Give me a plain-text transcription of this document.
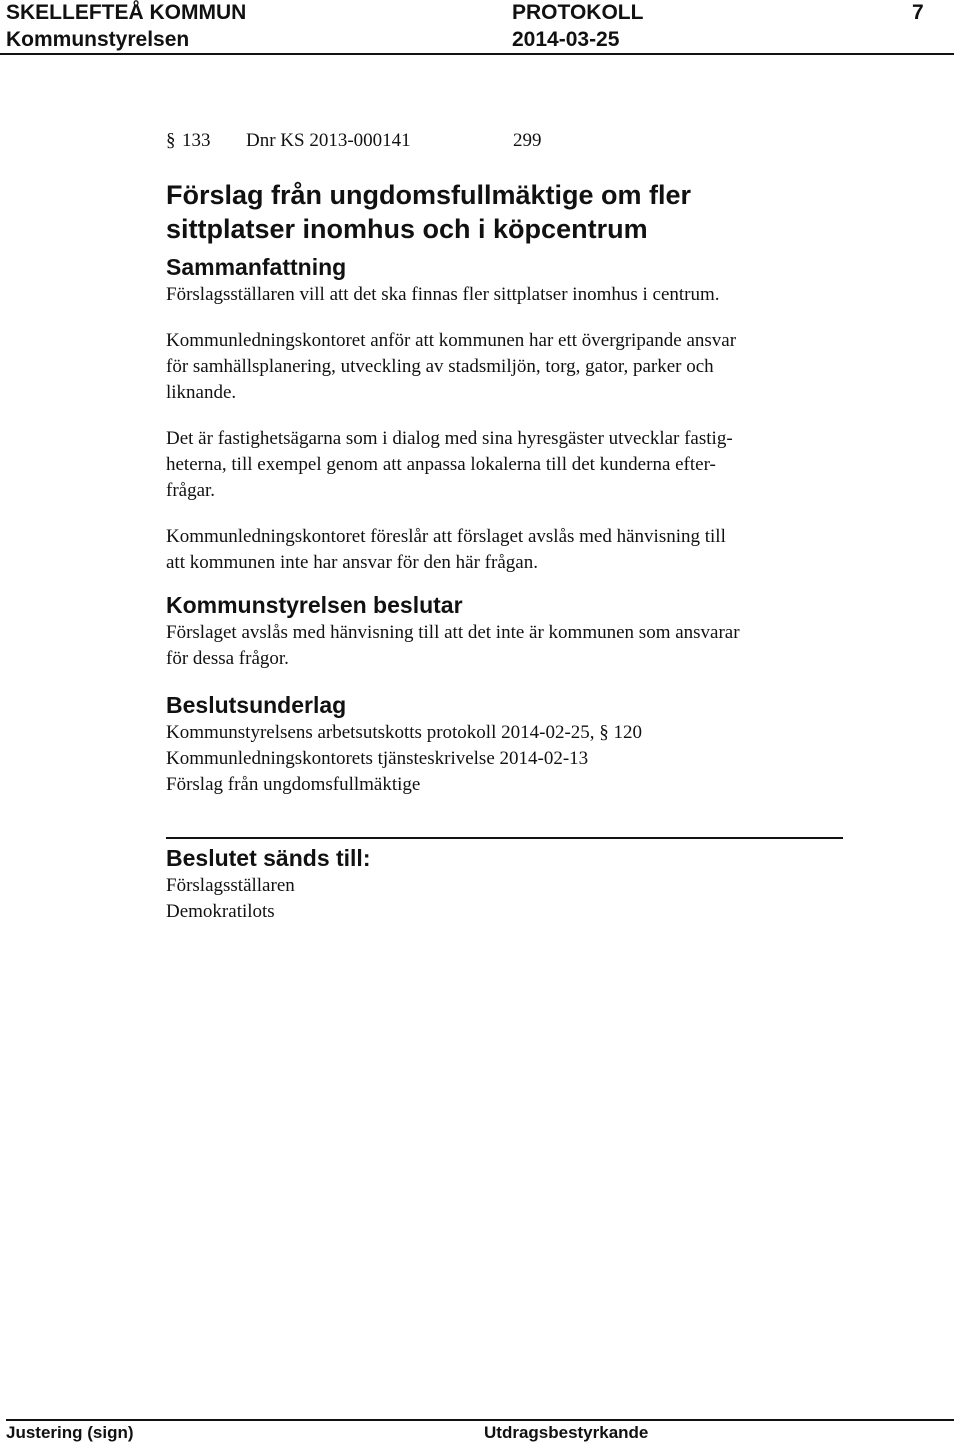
SKELLEFTEÅ KOMMUN	PROTOKOLL	7
Kommunstyrelsen	2014-03-25
§ 133 Dnr KS 2013-000141	299
Förslag från ungdomsfullmäktige om fler
sittplatser inomhus och i köpcentrum
Sammanfattning

Förslagsställaren vill att det ska finnas fler sittplatser inomhus i centrum.

Kommunledningskontoret anför att kommunen har ett övergripande ansvar
för samhällsplanering, utveckling av stadsmiljön, torg, gator, parker och
liknande.
Det är fastighetsägarna som i dialog med sina hyresgäster utvecklar fastig-
heterna, till exempel genom att anpassa lokalerna till det kunderna efter-
frågar.
Kommunledningskontoret föreslår att förslaget avslås med hänvisning till
att kommunen inte har ansvar för den här frågan.
Kommunstyrelsen beslutar
Förslaget avslås med hänvisning till att det inte är kommunen som ansvarar
för dessa frågor.
Beslutsunderlag
Kommunstyrelsens arbetsutskotts protokoll 2014-02-25, § 120
Kommunledningskontorets tjänsteskrivelse 2014-02-13
Förslag från ungdomsfullmäktige
Beslutet sänds till:
Förslagsställaren
Demokratilots
Justering (sign)	Utdragsbestyrkande
